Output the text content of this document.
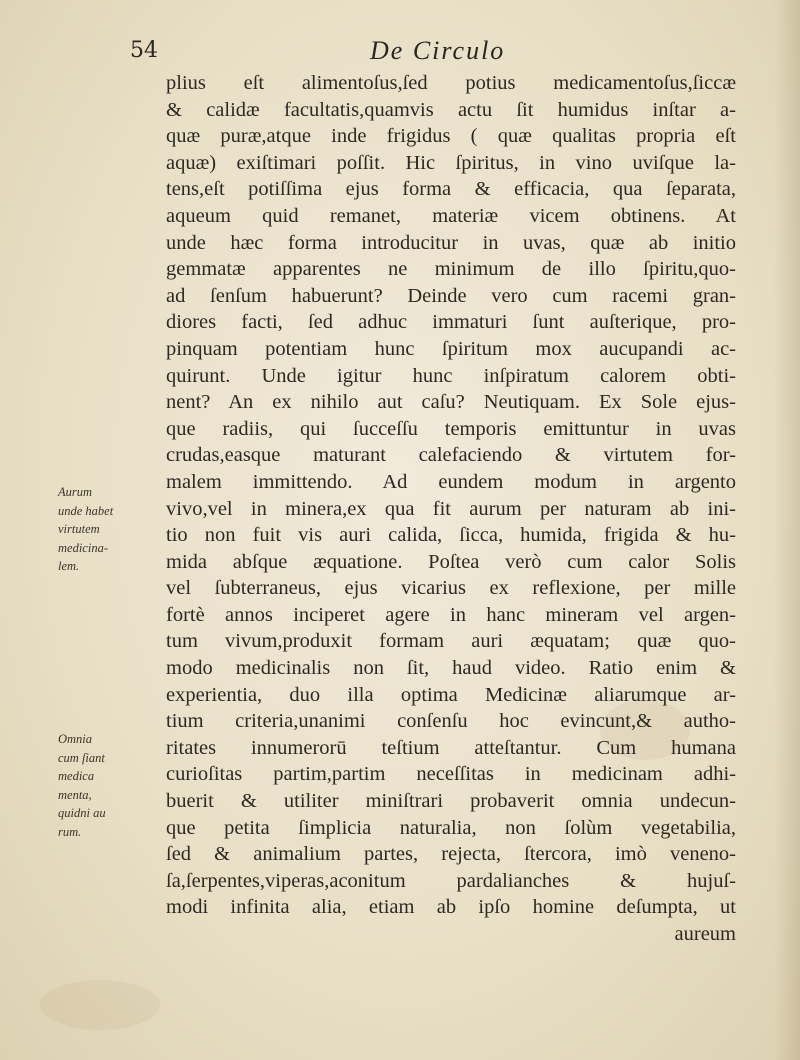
54	De Circulo
plius eſt alimentoſus,ſed potius medicamentoſus,ſiccæ
& calidæ facultatis,quamvis actu ſit humidus inſtar a-
quæ puræ,atque inde frigidus ( quæ qualitas propria eſt
aquæ) exiſtimari poſſit. Hic ſpiritus, in vino uviſque la-
tens,eſt potiſſima ejus forma & efficacia, qua ſeparata,
aqueum quid remanet, materiæ vicem obtinens. At
unde hæc forma introducitur in uvas, quæ ab initio
gemmatæ apparentes ne minimum de illo ſpiritu,quo-
ad ſenſum habuerunt? Deinde vero cum racemi gran-
diores facti, ſed adhuc immaturi ſunt auſterique, pro-
pinquam potentiam hunc ſpiritum mox aucupandi ac-
quirunt. Unde igitur hunc inſpiratum calorem obti-
nent? An ex nihilo aut caſu? Neutiquam. Ex Sole ejus-
que radiis, qui ſucceſſu temporis emittuntur in uvas
crudas,easque maturant calefaciendo & virtutem for-
malem immittendo. Ad eundem modum in argento
vivo,vel in minera,ex qua fit aurum per naturam ab ini-
tio non fuit vis auri calida, ſicca, humida, frigida & hu-
mida abſque æquatione. Poſtea verò cum calor Solis
vel ſubterraneus, ejus vicarius ex reflexione, per mille
fortè annos inciperet agere in hanc mineram vel argen-
tum vivum,produxit formam auri æquatam; quæ quo-
modo medicinalis non ſit, haud video. Ratio enim &
experientia, duo illa optima Medicinæ aliarumque ar-
tium criteria,unanimi conſenſu hoc evincunt,& autho-
ritates innumerorū teſtium atteſtantur. Cum humana
curioſitas partim,partim neceſſitas in medicinam adhi-
buerit & utiliter miniſtrari probaverit omnia undecun-
que petita ſimplicia naturalia, non ſolùm vegetabilia,
ſed & animalium partes, rejecta, ſtercora, imò veneno-
ſa,ſerpentes,viperas,aconitum pardalianches & hujuſ-
modi infinita alia, etiam ab ipſo homine deſumpta, ut
aureum
Aurum
unde habet
virtutem
medicina-
lem.
Omnia
cum ſiant
medica
menta,
quidni au
rum.
